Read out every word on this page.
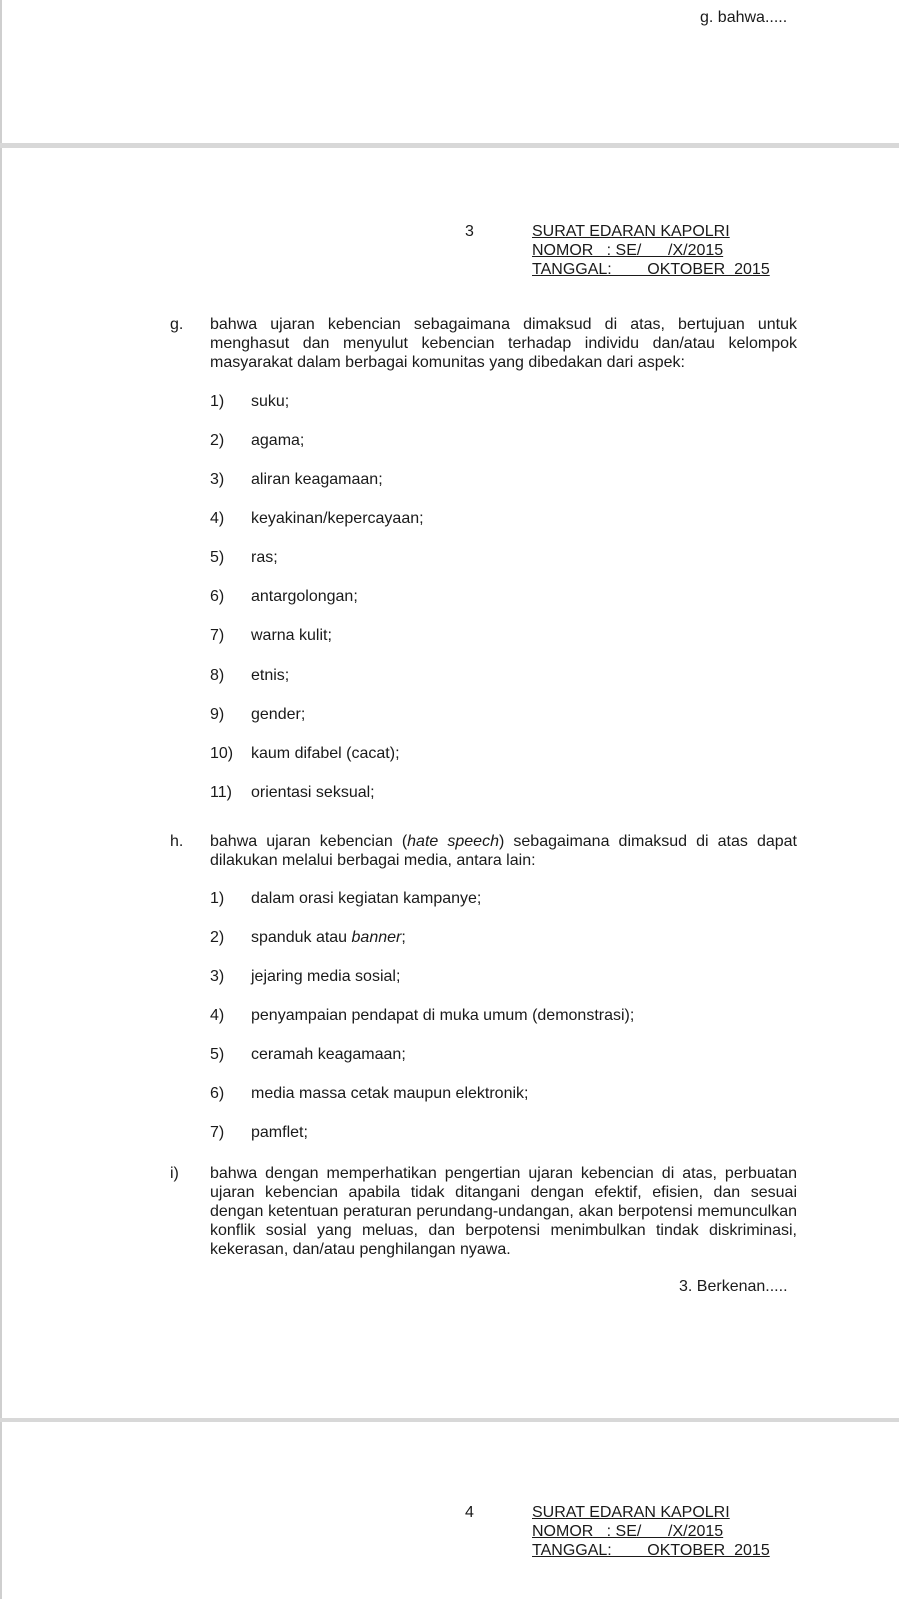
g. bahwa.....
3	SURAT EDARAN KAPOLRI
NOMOR   : SE/      /X/2015
TANGGAL:        OKTOBER  2015
g. bahwa ujaran kebencian sebagaimana dimaksud di atas, bertujuan untuk menghasut dan menyulut kebencian terhadap individu dan/atau kelompok masyarakat dalam berbagai komunitas yang dibedakan dari aspek:
1) suku;
2) agama;
3) aliran keagamaan;
4) keyakinan/kepercayaan;
5) ras;
6) antargolongan;
7) warna kulit;
8) etnis;
9) gender;
10) kaum difabel (cacat);
11) orientasi seksual;
h. bahwa ujaran kebencian (hate speech) sebagaimana dimaksud di atas dapat dilakukan melalui berbagai media, antara lain:
1) dalam orasi kegiatan kampanye;
2) spanduk atau banner;
3) jejaring media sosial;
4) penyampaian pendapat di muka umum (demonstrasi);
5) ceramah keagamaan;
6) media massa cetak maupun elektronik;
7) pamflet;
i) bahwa dengan memperhatikan pengertian ujaran kebencian di atas, perbuatan ujaran kebencian apabila tidak ditangani dengan efektif, efisien, dan sesuai dengan ketentuan peraturan perundang-undangan, akan berpotensi memunculkan konflik sosial yang meluas, dan berpotensi menimbulkan tindak diskriminasi, kekerasan, dan/atau penghilangan nyawa.
3. Berkenan.....
4	SURAT EDARAN KAPOLRI
NOMOR   : SE/      /X/2015
TANGGAL:        OKTOBER  2015
